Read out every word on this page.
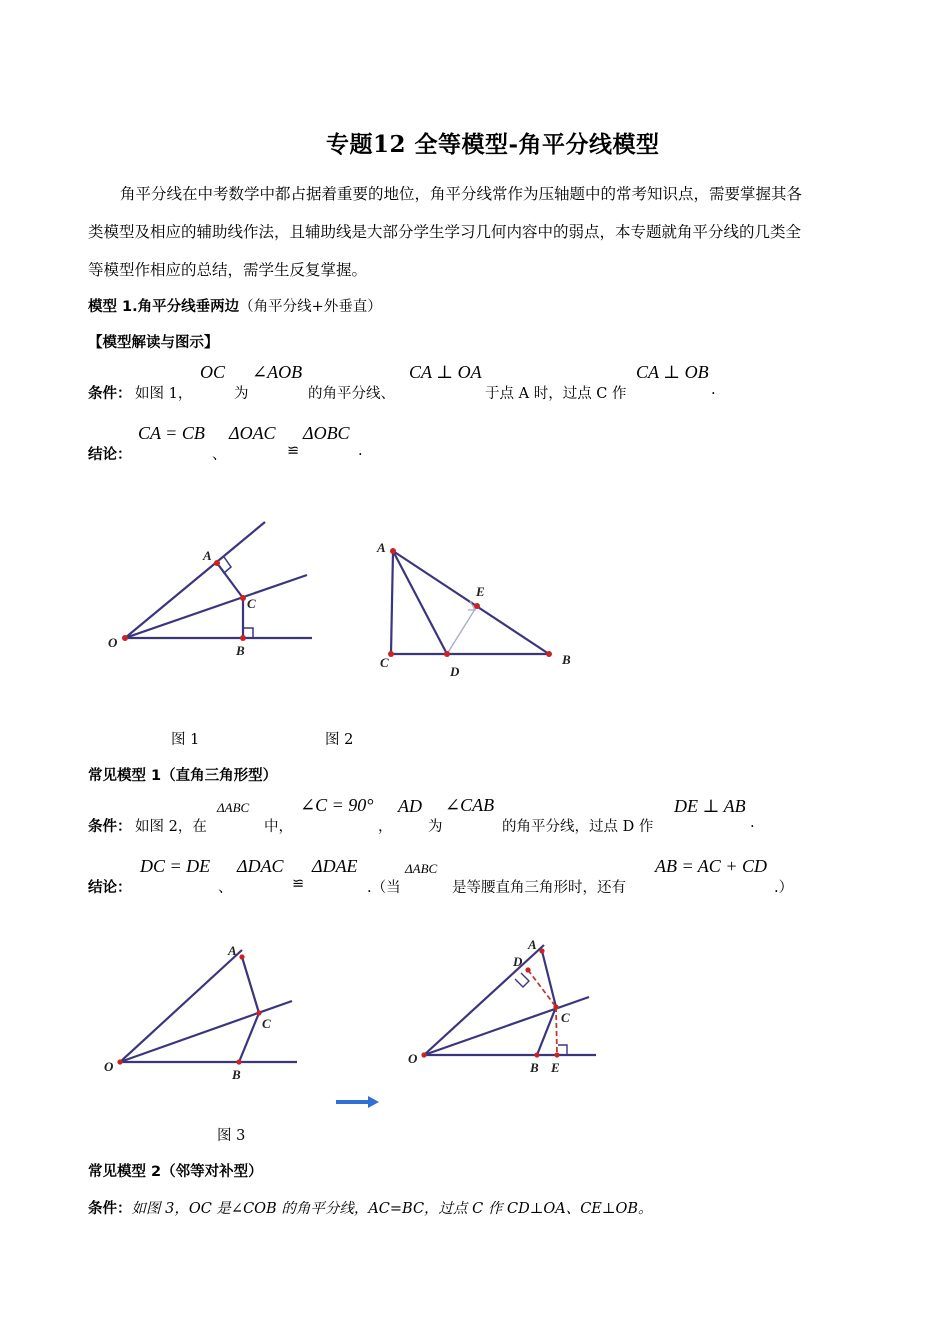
专题12 全等模型-角平分线模型
角平分线在中考数学中都占据着重要的地位，角平分线常作为压轴题中的常考知识点，需要掌握其各
类模型及相应的辅助线作法，且辅助线是大部分学生学习几何内容中的弱点，本专题就角平分线的几类全
等模型作相应的总结，需学生反复掌握。
模型 1.角平分线垂两边（角平分线+外垂直）
【模型解读与图示】
条件： 如图 1，
OC
为
∠AOB
的角平分线、
CA ⊥ OA
于点 A 时，过点 C 作
CA ⊥ OB
.
结论：
CA = CB
、
ΔOAC
≌
ΔOBC
.
A
C
O
B
A
E
C
D
B
图 1	图 2
常见模型 1（直角三角形型）
条件： 如图 2，在
ΔABC
中，
∠C = 90°
，
AD
为
∠CAB
的角平分线，过点 D 作
DE ⊥ AB
.
结论：
DC = DE
、
ΔDAC
≌
ΔDAE
.（当
ΔABC
是等腰直角三角形时，还有
AB = AC + CD
.）
A
C
O
B
A
D
C
O
B E
图 3
常见模型 2（邻等对补型）
条件：如图 3，OC 是∠COB 的角平分线，AC=BC，过点 C 作 CD⊥OA、CE⊥OB。
